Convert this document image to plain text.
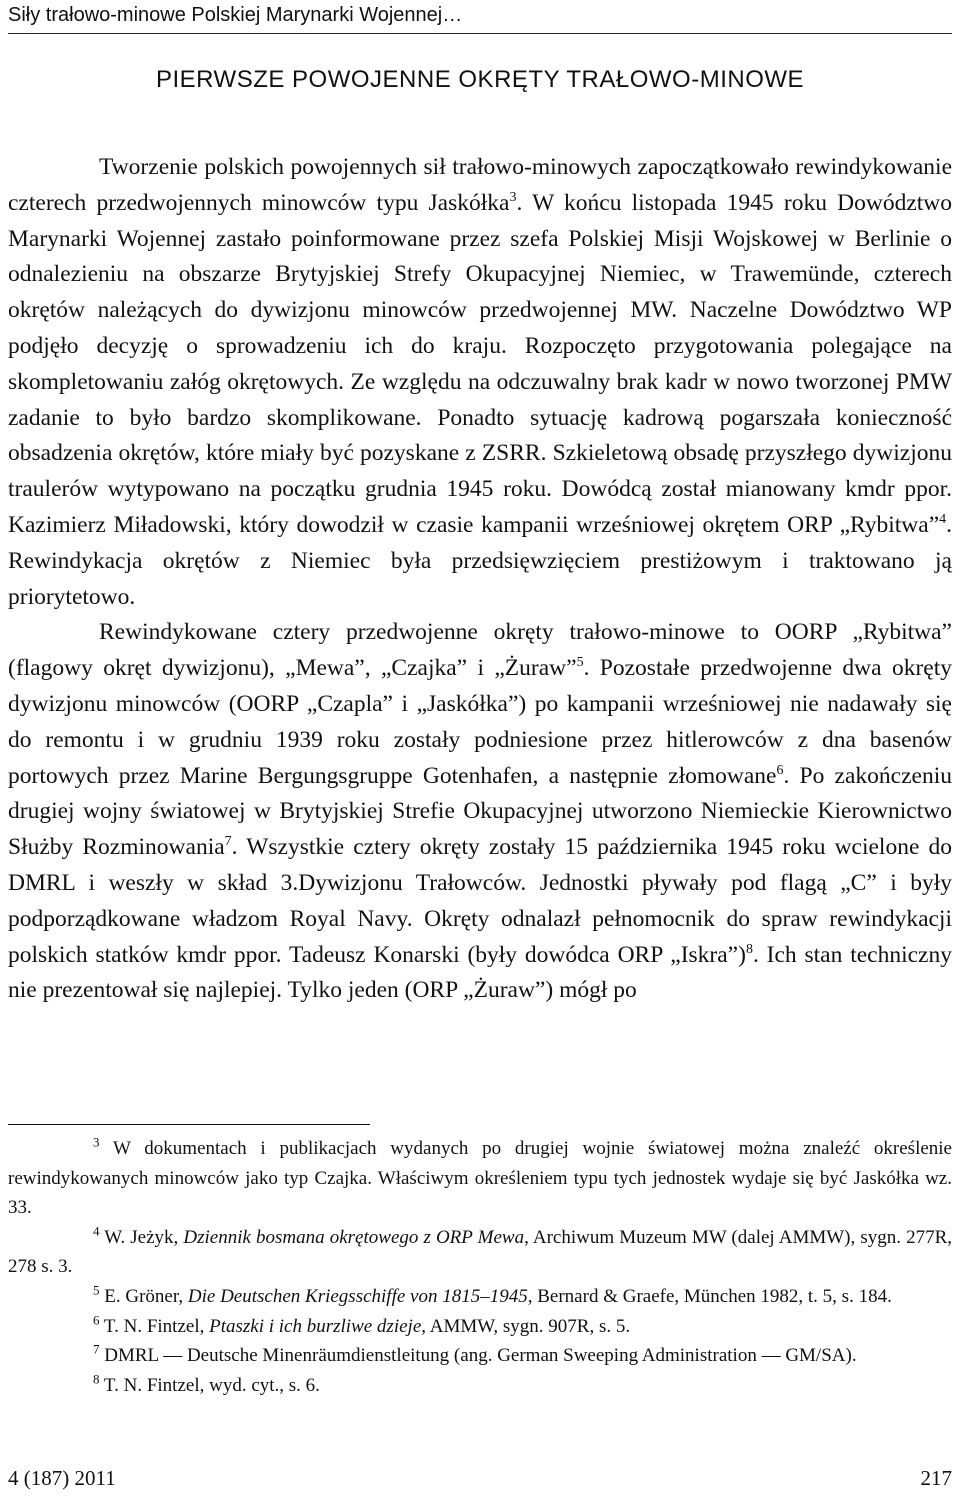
Siły trałowo-minowe Polskiej Marynarki Wojennej…
PIERWSZE POWOJENNE OKRĘTY TRAŁOWO-MINOWE

Tworzenie polskich powojennych sił trałowo-minowych zapoczątkowało rewindykowanie czterech przedwojennych minowców typu Jaskółka$^3$. W końcu listopada 1945 roku Dowództwo Marynarki Wojennej zastało poinformowane przez szefa Polskiej Misji Wojskowej w Berlinie o odnalezieniu na obszarze Brytyjskiej Strefy Okupacyjnej Niemiec, w Trawemünde, czterech okrętów należących do dywizjonu minowców przedwojennej MW. Naczelne Dowództwo WP podjęło decyzję o sprowadzeniu ich do kraju. Rozpoczęto przygotowania polegające na skompletowaniu załóg okrętowych. Ze względu na odczuwalny brak kadr w nowo tworzonej PMW zadanie to było bardzo skomplikowane. Ponadto sytuację kadrową pogarszała konieczność obsadzenia okrętów, które miały być pozyskane z ZSRR. Szkieletową obsadę przyszłego dywizjonu traulerów wytypowano na początku grudnia 1945 roku. Dowódcą został mianowany kmdr ppor. Kazimierz Miładowski, który dowodził w czasie kampanii wrześniowej okrętem ORP „Rybitwa”$^4$. Rewindykacja okrętów z Niemiec była przedsięwzięciem prestiżowym i traktowano ją priorytetowo.

Rewindykowane cztery przedwojenne okręty trałowo-minowe to OORP „Rybitwa” (flagowy okręt dywizjonu), „Mewa”, „Czajka” i „Żuraw”$^5$. Pozostałe przedwojenne dwa okręty dywizjonu minowców (OORP „Czapla” i „Jaskółka”) po kampanii wrześniowej nie nadawały się do remontu i w grudniu 1939 roku zostały podniesione przez hitlerowców z dna basenów portowych przez Marine Bergungsgruppe Gotenhafen, a następnie złomowane$^6$. Po zakończeniu drugiej wojny światowej w Brytyjskiej Strefie Okupacyjnej utworzono Niemieckie Kierownictwo Służby Rozminowania$^7$. Wszystkie cztery okręty zostały 15 października 1945 roku wcielone do DMRL i weszły w skład 3.Dywizjonu Trałowców. Jednostki pływały pod flagą „C” i były podporządkowane władzom Royal Navy. Okręty odnalazł pełnomocnik do spraw rewindykacji polskich statków kmdr ppor. Tadeusz Konarski (były dowódca ORP „Iskra”)$^8$. Ich stan techniczny nie prezentował się najlepiej. Tylko jeden (ORP „Żuraw”) mógł po

$^3$ W dokumentach i publikacjach wydanych po drugiej wojnie światowej można znaleźć określenie rewindykowanych minowców jako typ Czajka. Właściwym określeniem typu tych jednostek wydaje się być Jaskółka wz. 33.

$^4$ W. Jeżyk, Dziennik bosmana okrętowego z ORP Mewa, Archiwum Muzeum MW (dalej AMMW), sygn. 277R, 278 s. 3.

$^5$ E. Gröner, Die Deutschen Kriegsschiffe von 1815–1945, Bernard & Graefe, München 1982, t. 5, s. 184.

$^6$ T. N. Fintzel, Ptaszki i ich burzliwe dzieje, AMMW, sygn. 907R, s. 5.

$^7$ DMRL — Deutsche Minenräumdienstleitung (ang. German Sweeping Administration — GM/SA).

$^8$ T. N. Fintzel, wyd. cyt., s. 6.

4 (187) 2011	217
